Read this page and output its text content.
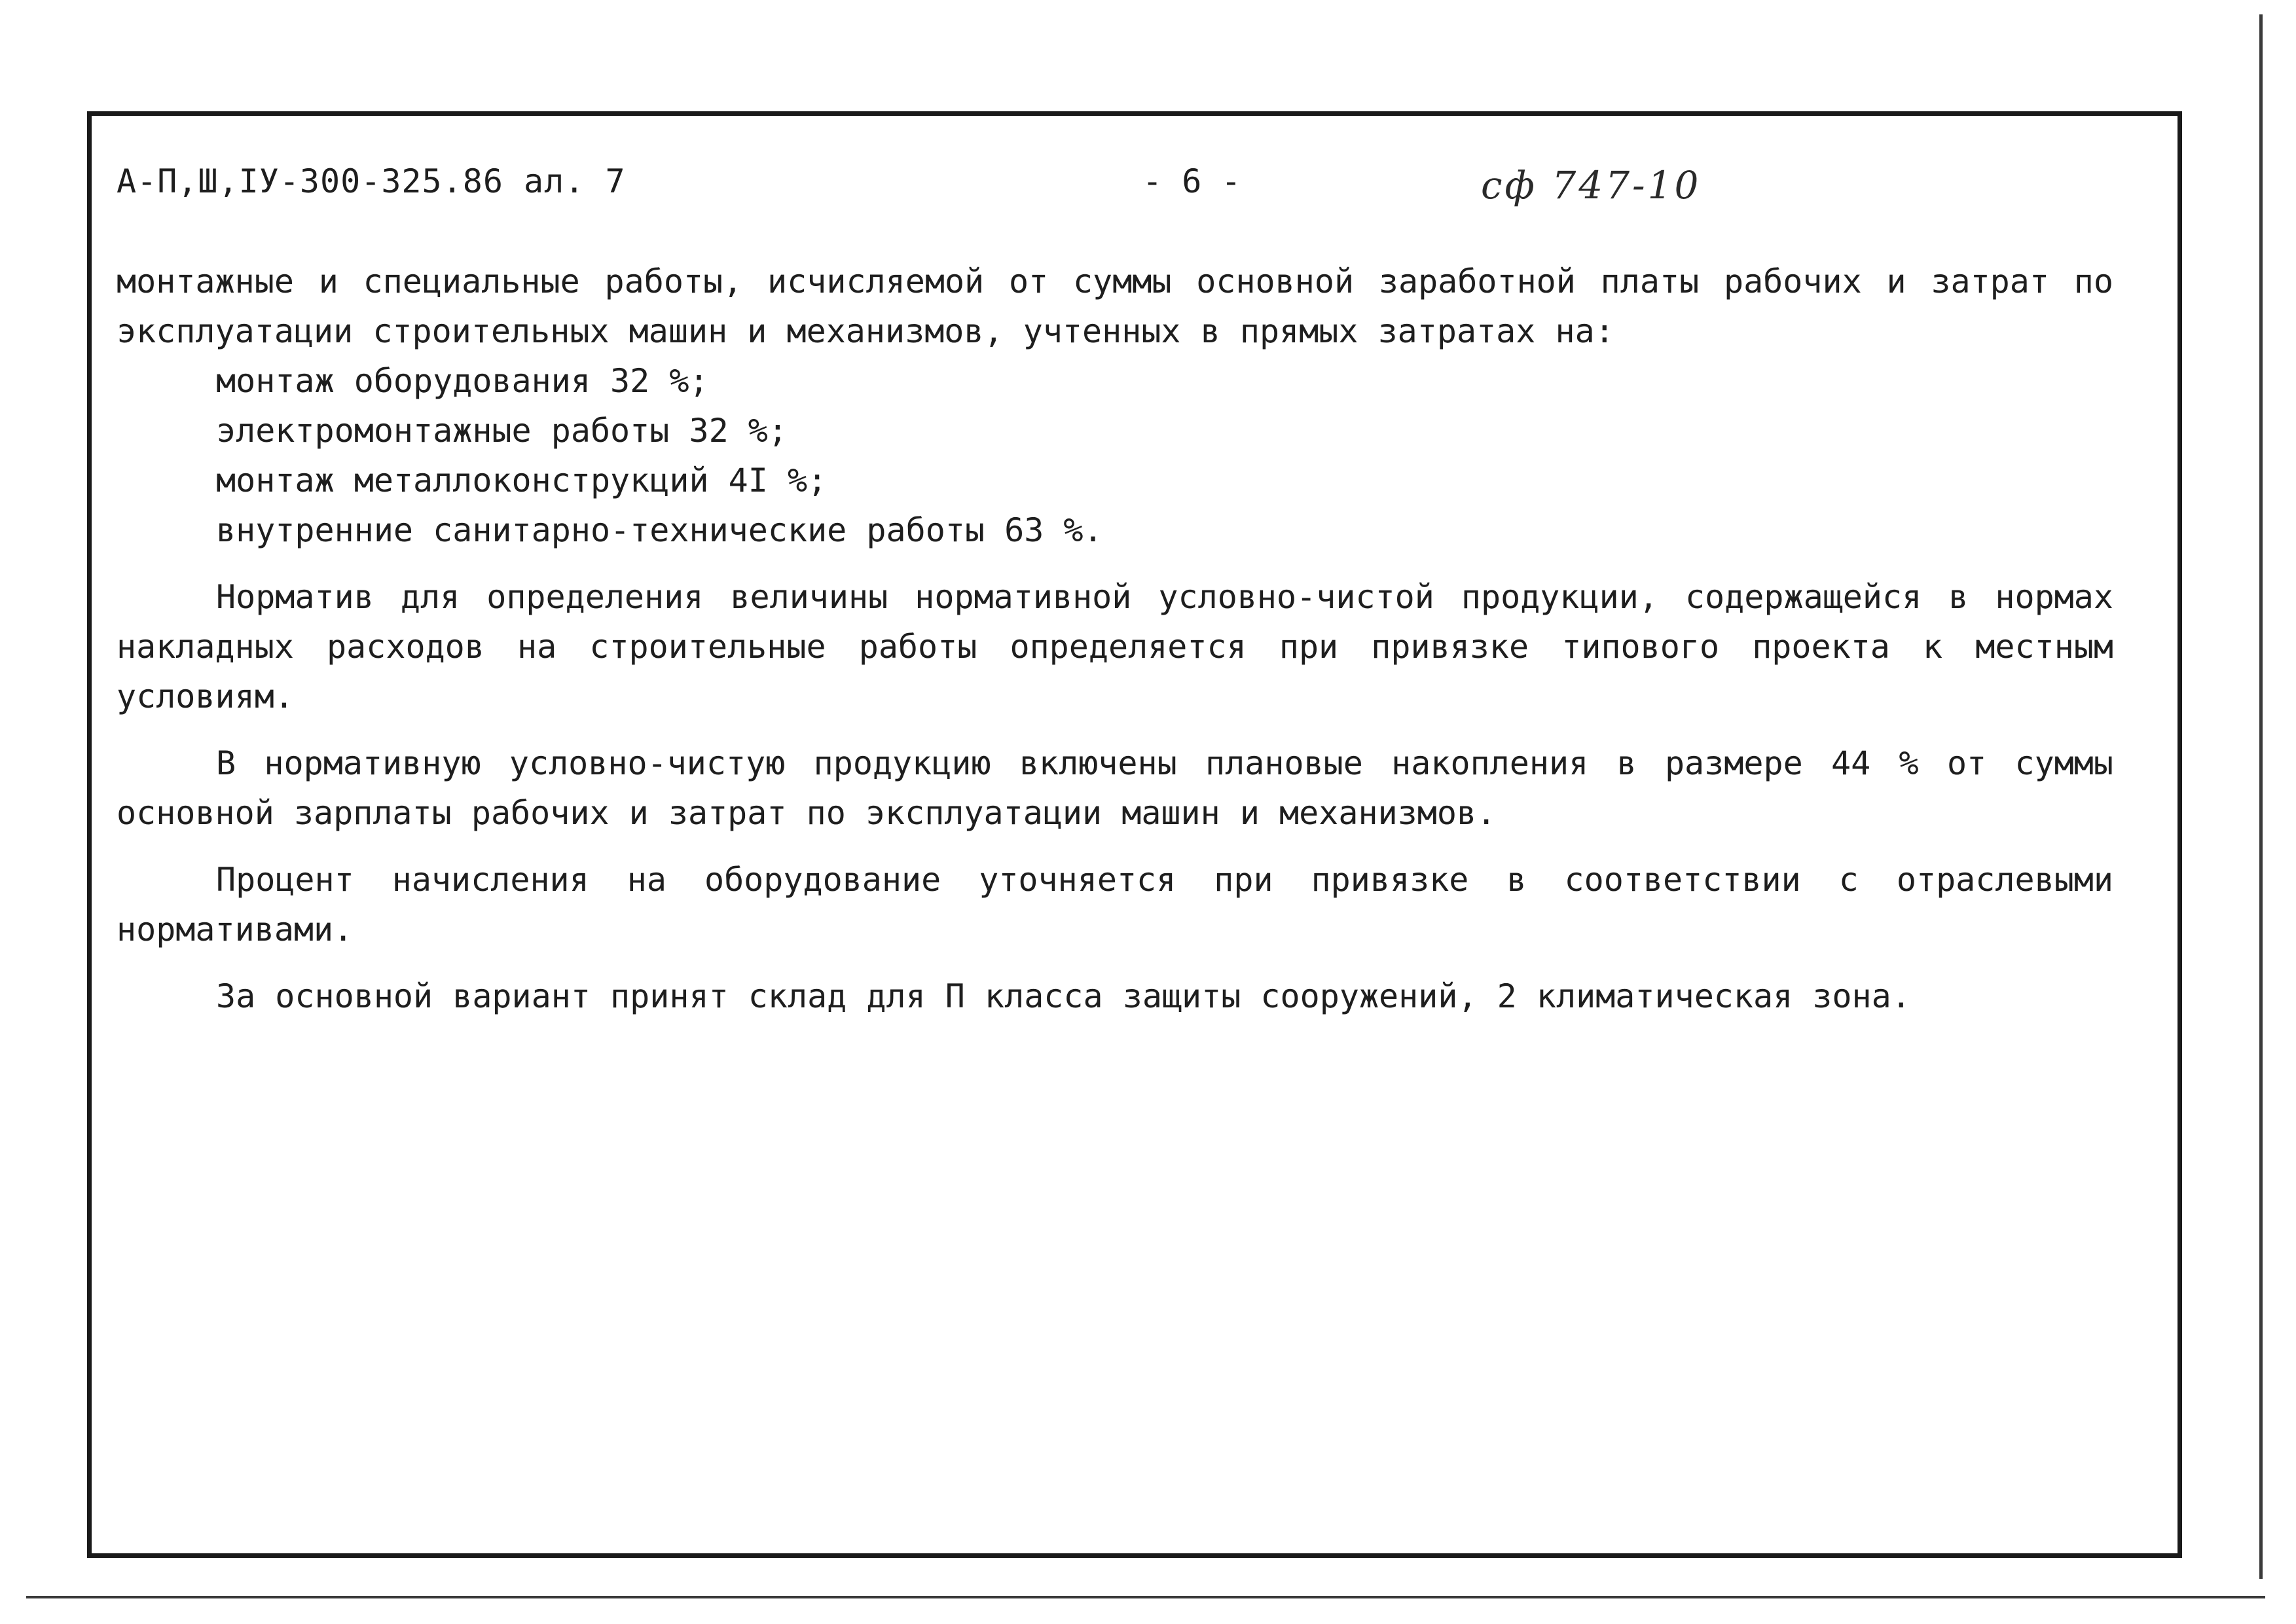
А-П,Ш,IУ-300-325.86 ал. 7	- 6 -	сф 747-10

монтажные и специальные работы, исчисляемой от суммы основной заработной платы рабочих и затрат по эксплуатации строительных машин и механизмов, учтенных в прямых затратах на:

монтаж оборудования 32 %;

электромонтажные работы 32 %;

монтаж металлоконструкций 4I %;

внутренние санитарно-технические работы 63 %.

Норматив для определения величины нормативной условно-чистой продукции, содержащейся в нормах накладных расходов на строительные работы определяется при привязке типового проекта к местным условиям.

В нормативную условно-чистую продукцию включены плановые накопления в размере 44 % от суммы основной зарплаты рабочих и затрат по эксплуатации машин и механизмов.

Процент начисления на оборудование уточняется при привязке в соответствии с отраслевыми нормативами.

За основной вариант принят склад для П класса защиты сооружений, 2 климатическая зона.
